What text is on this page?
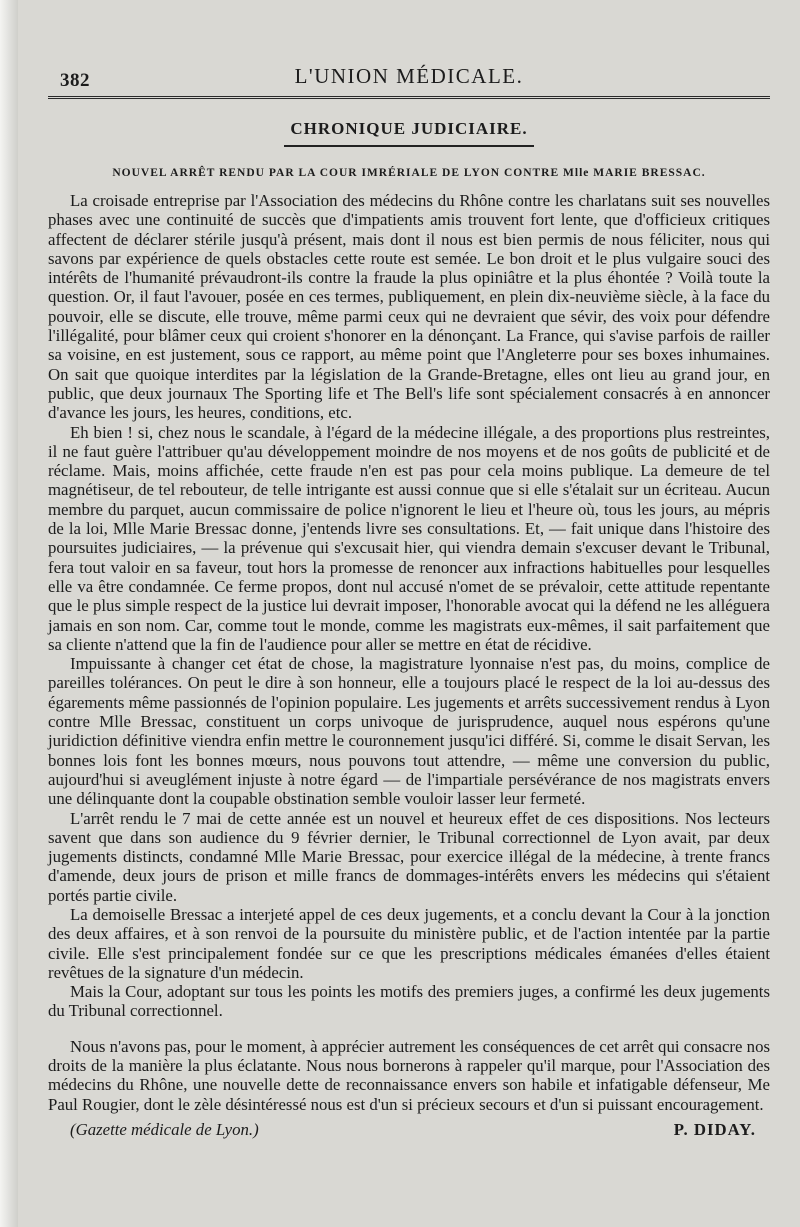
382	L'UNION MÉDICALE.
CHRONIQUE JUDICIAIRE.
NOUVEL ARRÊT RENDU PAR LA COUR IMRÉRIALE DE LYON CONTRE Mlle MARIE BRESSAC.

La croisade entreprise par l'Association des médecins du Rhône contre les charlatans suit ses nouvelles phases avec une continuité de succès que d'impatients amis trouvent fort lente, que d'officieux critiques affectent de déclarer stérile jusqu'à présent, mais dont il nous est bien permis de nous féliciter, nous qui savons par expérience de quels obstacles cette route est semée. Le bon droit et le plus vulgaire souci des intérêts de l'humanité prévaudront-ils contre la fraude la plus opiniâtre et la plus éhontée ? Voilà toute la question. Or, il faut l'avouer, posée en ces termes, publiquement, en plein dix-neuvième siècle, à la face du pouvoir, elle se discute, elle trouve, même parmi ceux qui ne devraient que sévir, des voix pour défendre l'illégalité, pour blâmer ceux qui croient s'honorer en la dénonçant. La France, qui s'avise parfois de railler sa voisine, en est justement, sous ce rapport, au même point que l'Angleterre pour ses boxes inhumaines. On sait que quoique interdites par la législation de la Grande-Bretagne, elles ont lieu au grand jour, en public, que deux journaux The Sporting life et The Bell's life sont spécialement consacrés à en annoncer d'avance les jours, les heures, conditions, etc.

Eh bien ! si, chez nous le scandale, à l'égard de la médecine illégale, a des proportions plus restreintes, il ne faut guère l'attribuer qu'au développement moindre de nos moyens et de nos goûts de publicité et de réclame. Mais, moins affichée, cette fraude n'en est pas pour cela moins publique. La demeure de tel magnétiseur, de tel rebouteur, de telle intrigante est aussi connue que si elle s'étalait sur un écriteau. Aucun membre du parquet, aucun commissaire de police n'ignorent le lieu et l'heure où, tous les jours, au mépris de la loi, Mlle Marie Bressac donne, j'entends livre ses consultations. Et, — fait unique dans l'histoire des poursuites judiciaires, — la prévenue qui s'excusait hier, qui viendra demain s'excuser devant le Tribunal, fera tout valoir en sa faveur, tout hors la promesse de renoncer aux infractions habituelles pour lesquelles elle va être condamnée. Ce ferme propos, dont nul accusé n'omet de se prévaloir, cette attitude repentante que le plus simple respect de la justice lui devrait imposer, l'honorable avocat qui la défend ne les alléguera jamais en son nom. Car, comme tout le monde, comme les magistrats eux-mêmes, il sait parfaitement que sa cliente n'attend que la fin de l'audience pour aller se mettre en état de récidive.

Impuissante à changer cet état de chose, la magistrature lyonnaise n'est pas, du moins, complice de pareilles tolérances. On peut le dire à son honneur, elle a toujours placé le respect de la loi au-dessus des égarements même passionnés de l'opinion populaire. Les jugements et arrêts successivement rendus à Lyon contre Mlle Bressac, constituent un corps univoque de jurisprudence, auquel nous espérons qu'une juridiction définitive viendra enfin mettre le couronnement jusqu'ici différé. Si, comme le disait Servan, les bonnes lois font les bonnes mœurs, nous pouvons tout attendre, — même une conversion du public, aujourd'hui si aveuglément injuste à notre égard — de l'impartiale persévérance de nos magistrats envers une délinquante dont la coupable obstination semble vouloir lasser leur fermeté.

L'arrêt rendu le 7 mai de cette année est un nouvel et heureux effet de ces dispositions. Nos lecteurs savent que dans son audience du 9 février dernier, le Tribunal correctionnel de Lyon avait, par deux jugements distincts, condamné Mlle Marie Bressac, pour exercice illégal de la médecine, à trente francs d'amende, deux jours de prison et mille francs de dommages-intérêts envers les médecins qui s'étaient portés partie civile.

La demoiselle Bressac a interjeté appel de ces deux jugements, et a conclu devant la Cour à la jonction des deux affaires, et à son renvoi de la poursuite du ministère public, et de l'action intentée par la partie civile. Elle s'est principalement fondée sur ce que les prescriptions médicales émanées d'elles étaient revêtues de la signature d'un médecin.

Mais la Cour, adoptant sur tous les points les motifs des premiers juges, a confirmé les deux jugements du Tribunal correctionnel.

Nous n'avons pas, pour le moment, à apprécier autrement les conséquences de cet arrêt qui consacre nos droits de la manière la plus éclatante. Nous nous bornerons à rappeler qu'il marque, pour l'Association des médecins du Rhône, une nouvelle dette de reconnaissance envers son habile et infatigable défenseur, Me Paul Rougier, dont le zèle désintéressé nous est d'un si précieux secours et d'un si puissant encouragement.

(Gazette médicale de Lyon.)	P. DIDAY.
